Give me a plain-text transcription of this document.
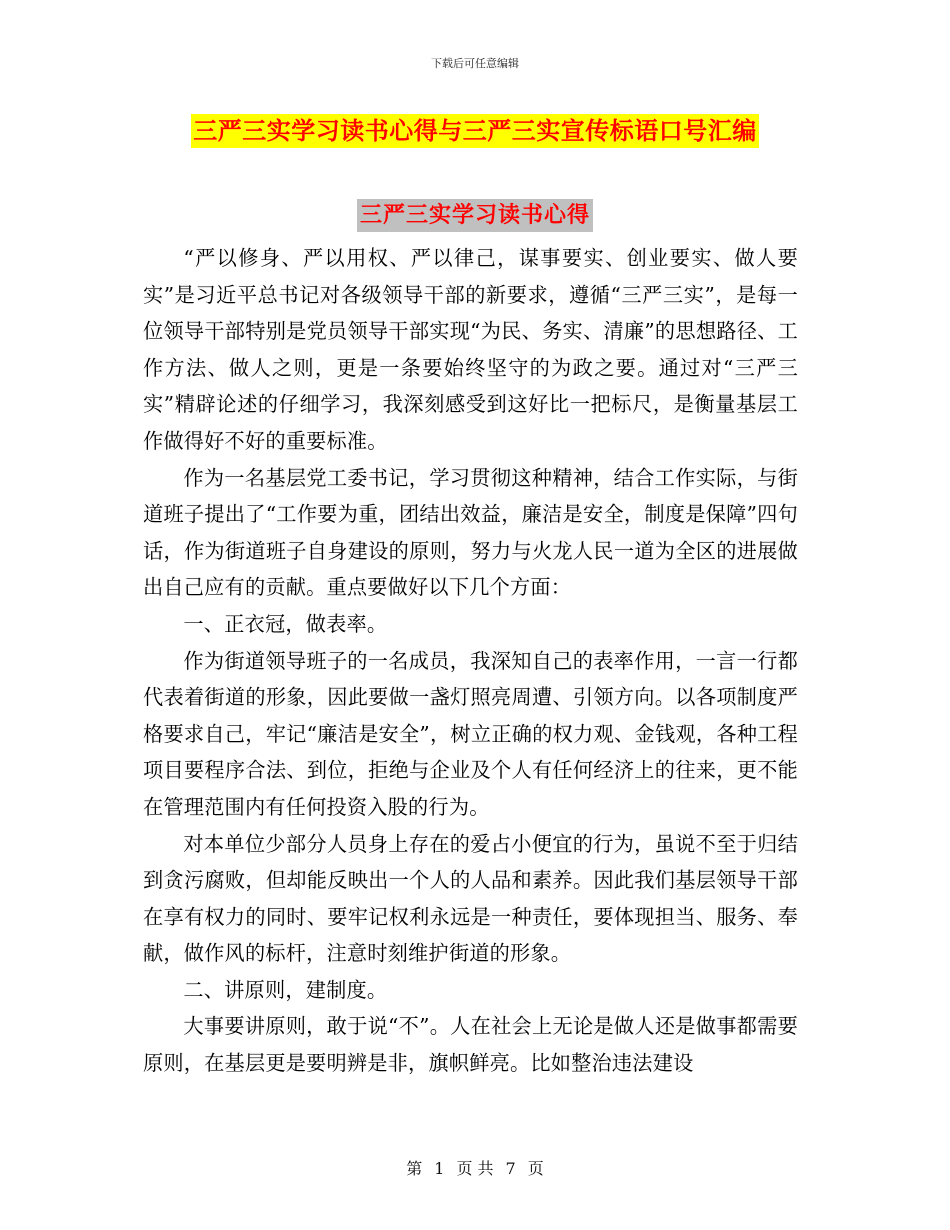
下载后可任意编辑
三严三实学习读书心得与三严三实宣传标语口号汇编
三严三实学习读书心得

“严以修身、严以用权、严以律己，谋事要实、创业要实、做人要实”是习近平总书记对各级领导干部的新要求，遵循“三严三实”，是每一位领导干部特别是党员领导干部实现“为民、务实、清廉”的思想路径、工作方法、做人之则，更是一条要始终坚守的为政之要。通过对“三严三实”精辟论述的仔细学习，我深刻感受到这好比一把标尺，是衡量基层工作做得好不好的重要标准。

作为一名基层党工委书记，学习贯彻这种精神，结合工作实际，与街道班子提出了“工作要为重，团结出效益，廉洁是安全，制度是保障”四句话，作为街道班子自身建设的原则，努力与火龙人民一道为全区的进展做出自己应有的贡献。重点要做好以下几个方面：

一、正衣冠，做表率。

作为街道领导班子的一名成员，我深知自己的表率作用，一言一行都代表着街道的形象，因此要做一盏灯照亮周遭、引领方向。以各项制度严格要求自己，牢记“廉洁是安全”，树立正确的权力观、金钱观，各种工程项目要程序合法、到位，拒绝与企业及个人有任何经济上的往来，更不能在管理范围内有任何投资入股的行为。

对本单位少部分人员身上存在的爱占小便宜的行为，虽说不至于归结到贪污腐败，但却能反映出一个人的人品和素养。因此我们基层领导干部在享有权力的同时、要牢记权利永远是一种责任，要体现担当、服务、奉献，做作风的标杆，注意时刻维护街道的形象。

二、讲原则，建制度。

大事要讲原则，敢于说“不”。人在社会上无论是做人还是做事都需要原则，在基层更是要明辨是非，旗帜鲜亮。比如整治违法建设

第 1 页 共 7 页
